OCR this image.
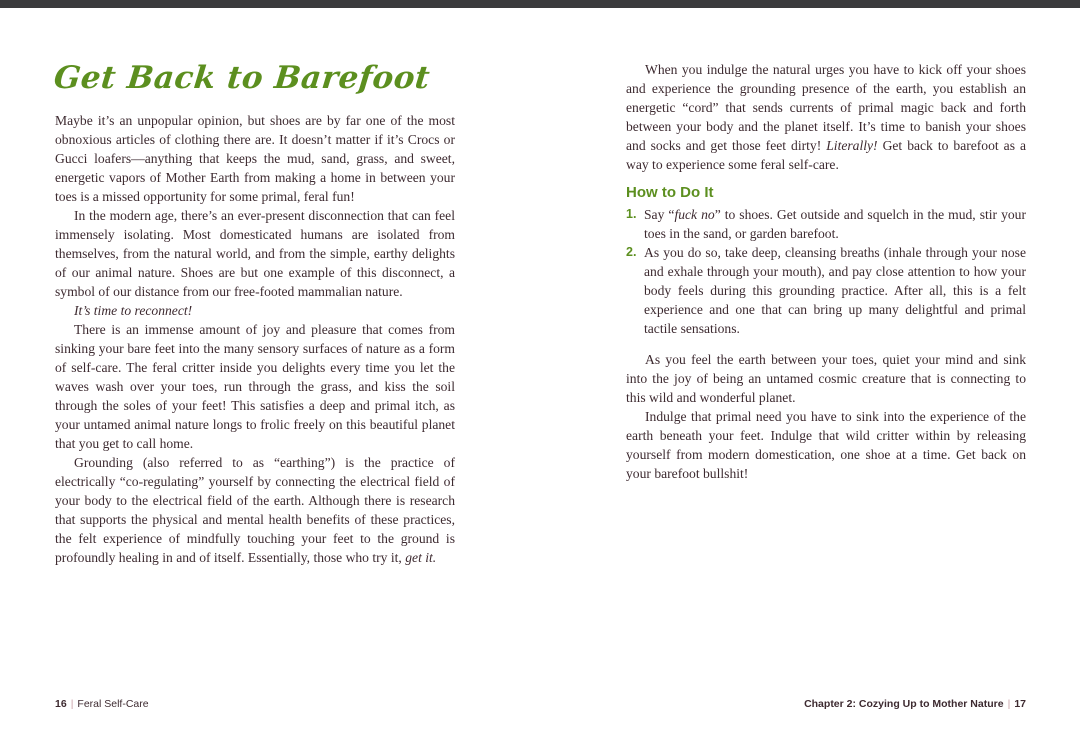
Get Back to Barefoot

Maybe it’s an unpopular opinion, but shoes are by far one of the most obnoxious articles of clothing there are. It doesn’t matter if it’s Crocs or Gucci loafers—anything that keeps the mud, sand, grass, and sweet, energetic vapors of Mother Earth from making a home in between your toes is a missed opportunity for some primal, feral fun!

In the modern age, there’s an ever-present disconnection that can feel immensely isolating. Most domesticated humans are isolated from themselves, from the natural world, and from the simple, earthy delights of our animal nature. Shoes are but one example of this disconnect, a symbol of our distance from our free-footed mammalian nature.

It’s time to reconnect!

There is an immense amount of joy and pleasure that comes from sinking your bare feet into the many sensory surfaces of nature as a form of self-care. The feral critter inside you delights every time you let the waves wash over your toes, run through the grass, and kiss the soil through the soles of your feet! This satisfies a deep and primal itch, as your untamed animal nature longs to frolic freely on this beautiful planet that you get to call home.

Grounding (also referred to as “earthing”) is the practice of electrically “co-regulating” yourself by connecting the electrical field of your body to the electrical field of the earth. Although there is research that supports the physical and mental health benefits of these practices, the felt experience of mindfully touching your feet to the ground is profoundly healing in and of itself. Essentially, those who try it, get it.

16 | Feral Self-Care

When you indulge the natural urges you have to kick off your shoes and experience the grounding presence of the earth, you establish an energetic “cord” that sends currents of primal magic back and forth between your body and the planet itself. It’s time to banish your shoes and socks and get those feet dirty! Literally! Get back to barefoot as a way to experience some feral self-care.

How to Do It
1. Say “fuck no” to shoes. Get outside and squelch in the mud, stir your toes in the sand, or garden barefoot.
2. As you do so, take deep, cleansing breaths (inhale through your nose and exhale through your mouth), and pay close attention to how your body feels during this grounding practice. After all, this is a felt experience and one that can bring up many delightful and primal tactile sensations.

As you feel the earth between your toes, quiet your mind and sink into the joy of being an untamed cosmic creature that is connecting to this wild and wonderful planet.

Indulge that primal need you have to sink into the experience of the earth beneath your feet. Indulge that wild critter within by releasing yourself from modern domestication, one shoe at a time. Get back on your barefoot bullshit!

Chapter 2: Cozying Up to Mother Nature | 17
